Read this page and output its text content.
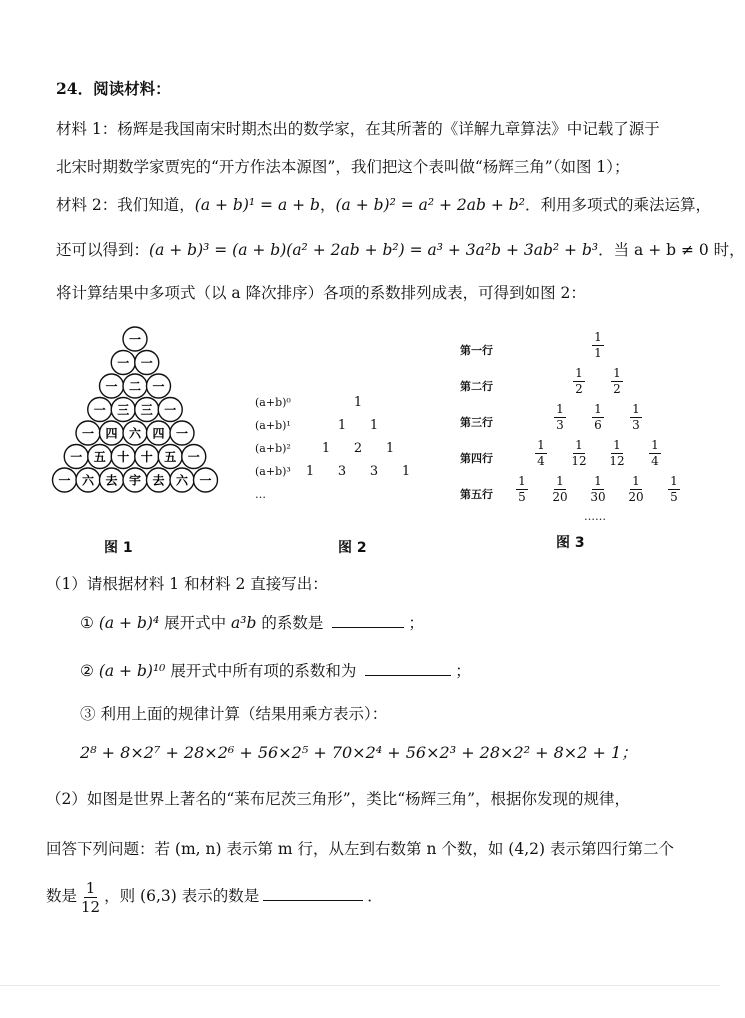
24．阅读材料：
材料 1：杨辉是我国南宋时期杰出的数学家，在其所著的《详解九章算法》中记载了源于
北宋时期数学家贾宪的“开方作法本源图”，我们把这个表叫做“杨辉三角”（如图 1）；
材料 2：我们知道，(a + b)¹ = a + b，(a + b)² = a² + 2ab + b²．利用多项式的乘法运算，
还可以得到：(a + b)³ = (a + b)(a² + 2ab + b²) = a³ + 3a²b + 3ab² + b³．当 a + b ≠ 0 时，
将计算结果中多项式（以 a 降次排序）各项的系数排列成表，可得到如图 2：
一
一 一
一 二 一
一 三 三 一
一 四 六 四 一
一 五 十 十 五 一
一 六 去 宇 去 六 一
图 1
(a+b)⁰	1
(a+b)¹	1 1
(a+b)² 1 2 1
(a+b)³ 1 3 3 1
…
图 2
第一行	$\frac{1}{1}$
第二行	$\frac{1}{2} \frac{1}{2}$
第三行	$\frac{1}{3} \frac{1}{6} \frac{1}{3}$
第四行	$\frac{1}{4} \frac{1}{12} \frac{1}{12} \frac{1}{4}$
第五行 $\frac{1}{5} \frac{1}{20} \frac{1}{30} \frac{1}{20} \frac{1}{5}$
……
图 3
（1）请根据材料 1 和材料 2 直接写出：
① (a + b)⁴ 展开式中 a³b 的系数是	；
② (a + b)¹⁰ 展开式中所有项的系数和为	；
③ 利用上面的规律计算（结果用乘方表示）：
2⁸ + 8×2⁷ + 28×2⁶ + 56×2⁵ + 70×2⁴ + 56×2³ + 28×2² + 8×2 + 1；
（2）如图是世界上著名的“莱布尼茨三角形”，类比“杨辉三角”，根据你发现的规律，
回答下列问题：若 (m, n) 表示第 m 行，从左到右数第 n 个数，如 (4,2) 表示第四行第二个
数是 $\frac{1}{12}$ ，则 (6,3) 表示的数是	．
